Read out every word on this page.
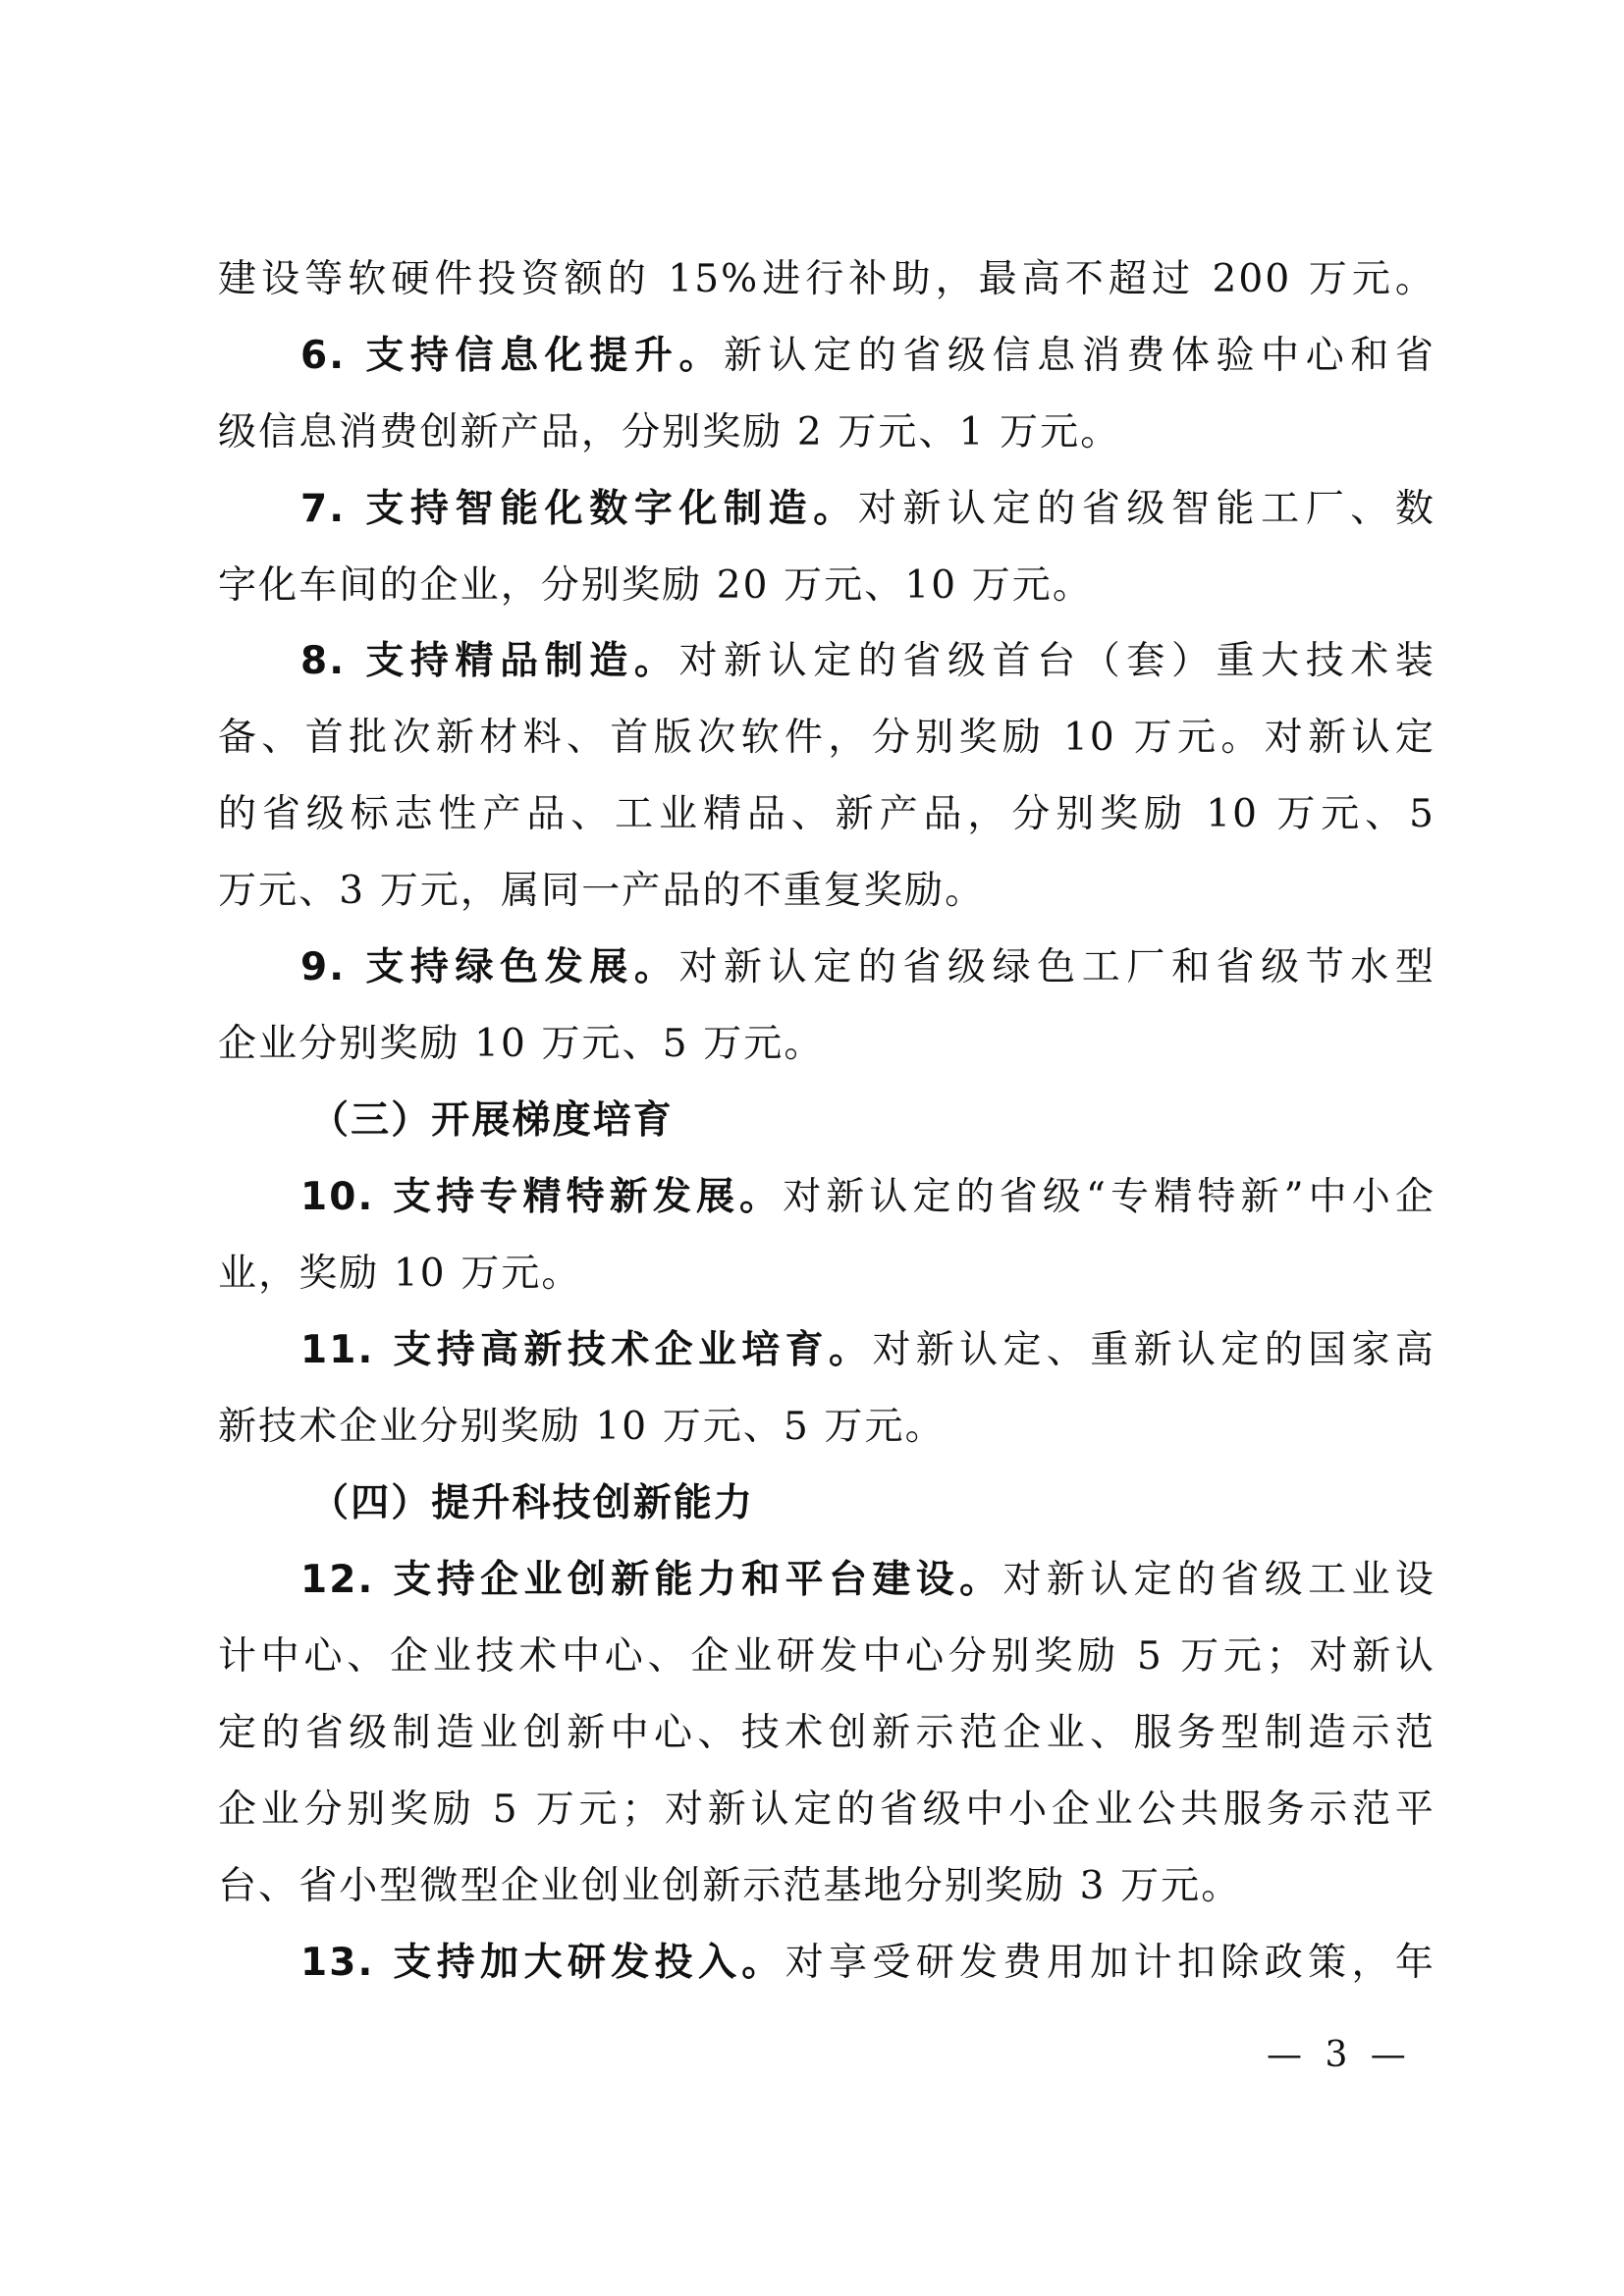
建设等软硬件投资额的 15%进行补助，最高不超过 200 万元。
6. 支持信息化提升。新认定的省级信息消费体验中心和省
级信息消费创新产品，分别奖励 2 万元、1 万元。
7. 支持智能化数字化制造。对新认定的省级智能工厂、数
字化车间的企业，分别奖励 20 万元、10 万元。
8. 支持精品制造。对新认定的省级首台（套）重大技术装
备、首批次新材料、首版次软件，分别奖励 10 万元。对新认定
的省级标志性产品、工业精品、新产品，分别奖励 10 万元、5
万元、3 万元，属同一产品的不重复奖励。
9. 支持绿色发展。对新认定的省级绿色工厂和省级节水型
企业分别奖励 10 万元、5 万元。
（三）开展梯度培育
10. 支持专精特新发展。对新认定的省级“专精特新”中小企
业，奖励 10 万元。
11. 支持高新技术企业培育。对新认定、重新认定的国家高
新技术企业分别奖励 10 万元、5 万元。
（四）提升科技创新能力
12. 支持企业创新能力和平台建设。对新认定的省级工业设
计中心、企业技术中心、企业研发中心分别奖励 5 万元；对新认
定的省级制造业创新中心、技术创新示范企业、服务型制造示范
企业分别奖励 5 万元；对新认定的省级中小企业公共服务示范平
台、省小型微型企业创业创新示范基地分别奖励 3 万元。
13. 支持加大研发投入。对享受研发费用加计扣除政策，年
— 3 —
